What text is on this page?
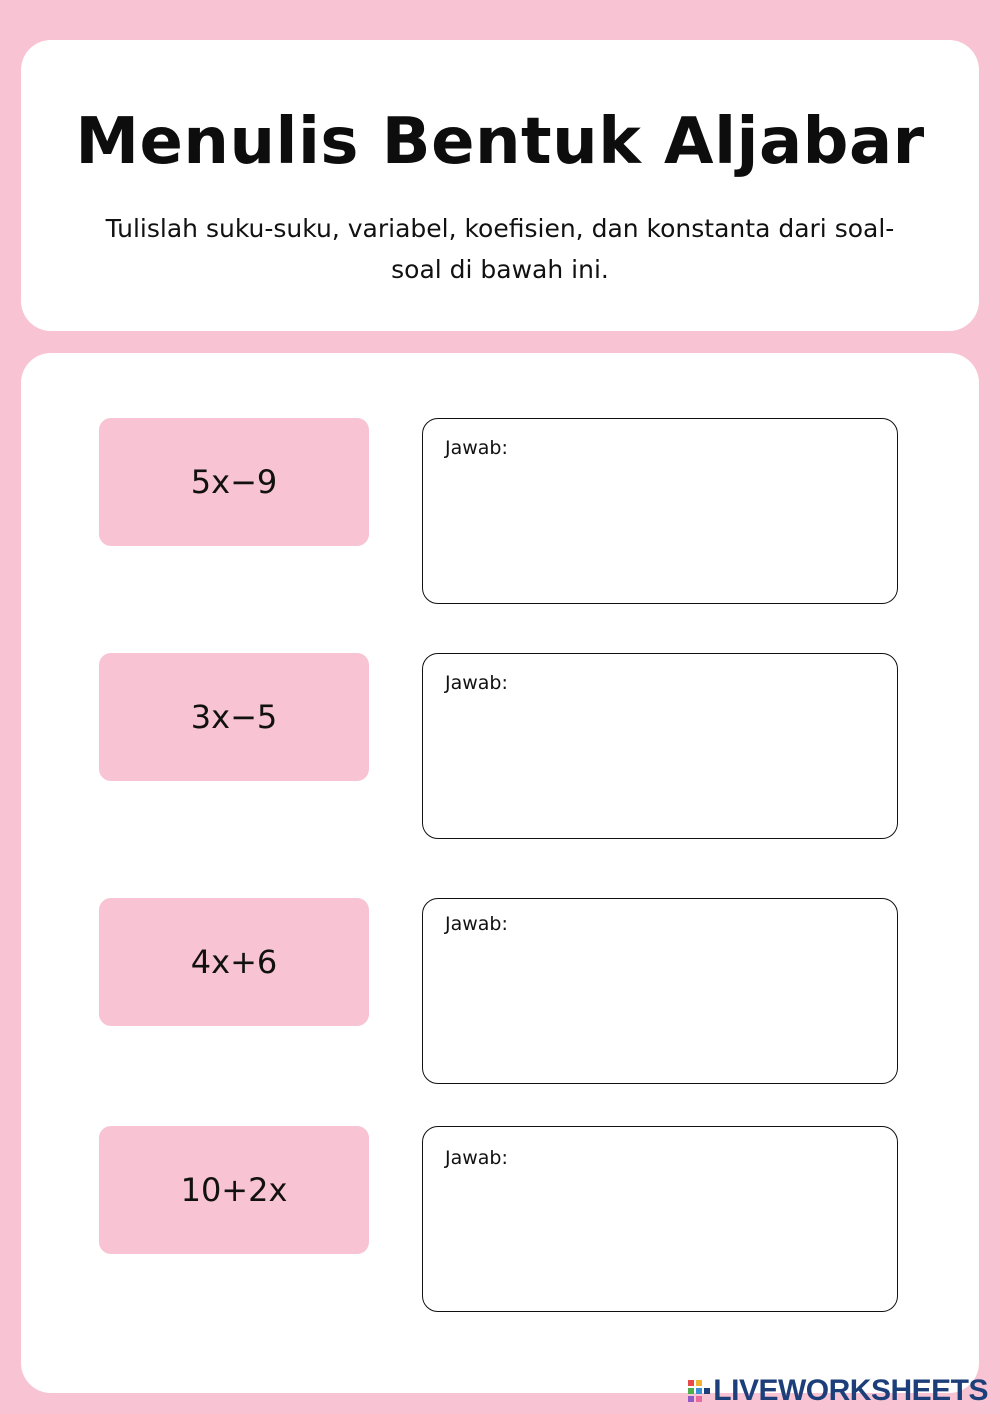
Menulis Bentuk Aljabar
Tulislah suku-suku, variabel, koefisien, dan konstanta dari soal-soal di bawah ini.
5x−9
Jawab:
3x−5
Jawab:
4x+6
Jawab:
10+2x
Jawab:
LIVEWORKSHEETS
